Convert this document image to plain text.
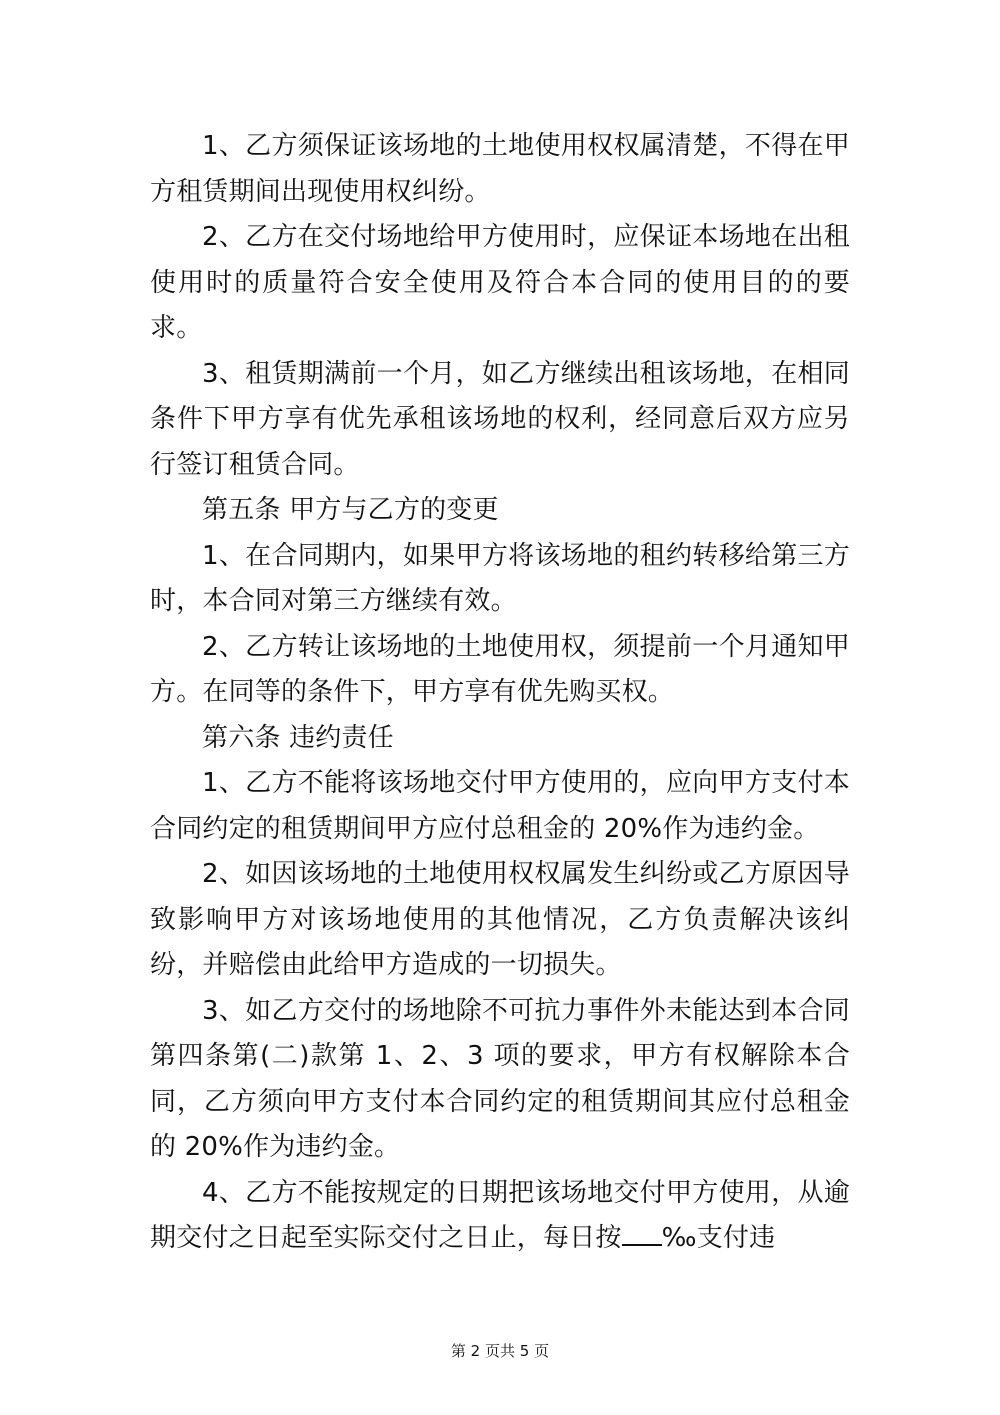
1、乙方须保证该场地的土地使用权权属清楚，不得在甲方租赁期间出现使用权纠纷。

2、乙方在交付场地给甲方使用时，应保证本场地在出租使用时的质量符合安全使用及符合本合同的使用目的的要求。

3、租赁期满前一个月，如乙方继续出租该场地，在相同条件下甲方享有优先承租该场地的权利，经同意后双方应另行签订租赁合同。

第五条 甲方与乙方的变更

1、在合同期内，如果甲方将该场地的租约转移给第三方时，本合同对第三方继续有效。

2、乙方转让该场地的土地使用权，须提前一个月通知甲方。在同等的条件下，甲方享有优先购买权。

第六条 违约责任

1、乙方不能将该场地交付甲方使用的，应向甲方支付本合同约定的租赁期间甲方应付总租金的 20%作为违约金。

2、如因该场地的土地使用权权属发生纠纷或乙方原因导致影响甲方对该场地使用的其他情况，乙方负责解决该纠纷，并赔偿由此给甲方造成的一切损失。

3、如乙方交付的场地除不可抗力事件外未能达到本合同第四条第(二)款第 1、2、3 项的要求，甲方有权解除本合同，乙方须向甲方支付本合同约定的租赁期间其应付总租金的 20%作为违约金。

4、乙方不能按规定的日期把该场地交付甲方使用，从逾期交付之日起至实际交付之日止，每日按 ‰支付违

第 2 页共 5 页
